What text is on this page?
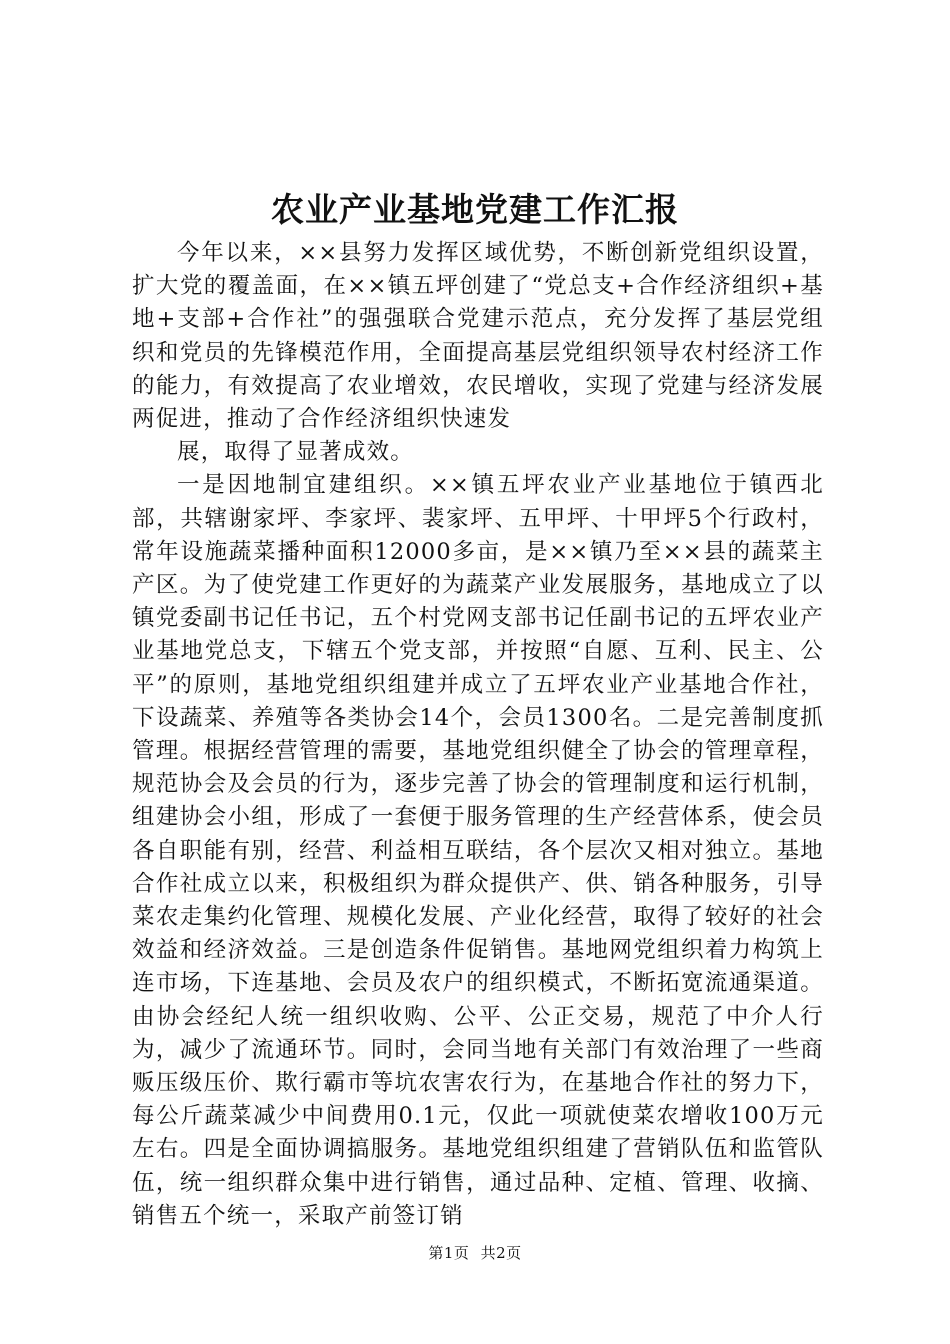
农业产业基地党建工作汇报

今年以来，××县努力发挥区域优势，不断创新党组织设置，扩大党的覆盖面，在××镇五坪创建了“党总支+合作经济组织+基地+支部+合作社”的强强联合党建示范点，充分发挥了基层党组织和党员的先锋模范作用，全面提高基层党组织领导农村经济工作的能力，有效提高了农业增效，农民增收，实现了党建与经济发展两促进，推动了合作经济组织快速发

展，取得了显著成效。

一是因地制宜建组织。××镇五坪农业产业基地位于镇西北部，共辖谢家坪、李家坪、裴家坪、五甲坪、十甲坪5个行政村，常年设施蔬菜播种面积12000多亩，是××镇乃至××县的蔬菜主产区。为了使党建工作更好的为蔬菜产业发展服务，基地成立了以镇党委副书记任书记，五个村党网支部书记任副书记的五坪农业产业基地党总支，下辖五个党支部，并按照“自愿、互利、民主、公平”的原则，基地党组织组建并成立了五坪农业产业基地合作社，下设蔬菜、养殖等各类协会14个，会员1300名。二是完善制度抓管理。根据经营管理的需要，基地党组织健全了协会的管理章程，规范协会及会员的行为，逐步完善了协会的管理制度和运行机制，组建协会小组，形成了一套便于服务管理的生产经营体系，使会员各自职能有别，经营、利益相互联结，各个层次又相对独立。基地合作社成立以来，积极组织为群众提供产、供、销各种服务，引导菜农走集约化管理、规模化发展、产业化经营，取得了较好的社会效益和经济效益。三是创造条件促销售。基地网党组织着力构筑上连市场，下连基地、会员及农户的组织模式，不断拓宽流通渠道。由协会经纪人统一组织收购、公平、公正交易，规范了中介人行为，减少了流通环节。同时，会同当地有关部门有效治理了一些商贩压级压价、欺行霸市等坑农害农行为，在基地合作社的努力下，每公斤蔬菜减少中间费用0.1元，仅此一项就使菜农增收100万元左右。四是全面协调搞服务。基地党组织组建了营销队伍和监管队伍，统一组织群众集中进行销售，通过品种、定植、管理、收摘、销售五个统一，采取产前签订销

第1页 共2页
